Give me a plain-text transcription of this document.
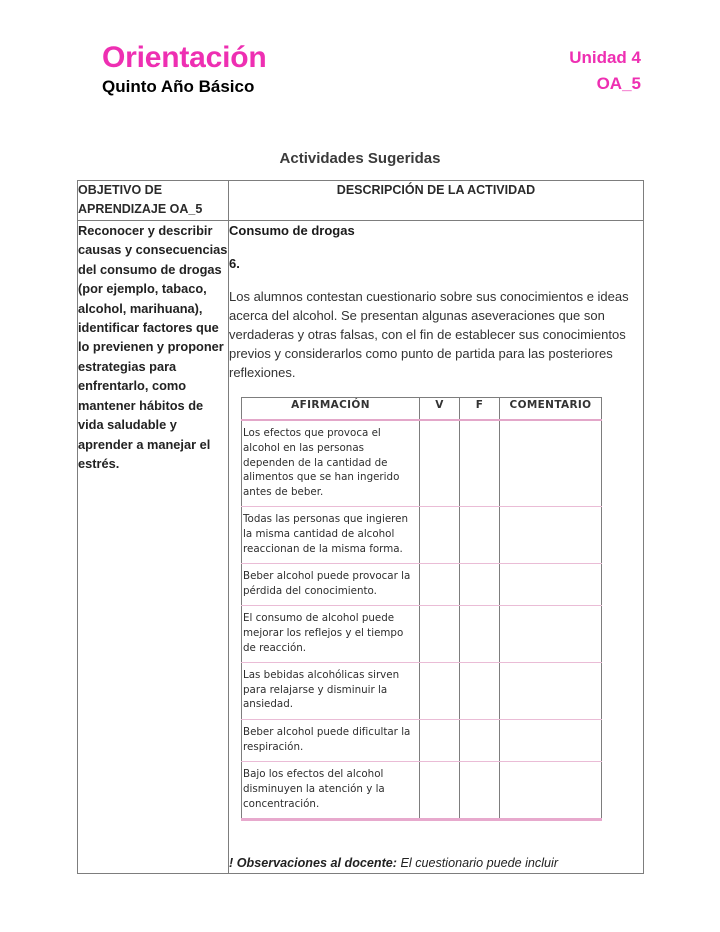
Orientación
Quinto Año Básico
Unidad 4
OA_5
Actividades Sugeridas
OBJETIVO DE APRENDIZAJE OA_5	DESCRIPCIÓN DE LA ACTIVIDAD
Reconocer y describir causas y consecuencias del consumo de drogas (por ejemplo, tabaco, alcohol, marihuana), identificar factores que lo previenen y proponer estrategias para enfrentarlo, como mantener hábitos de vida saludable y aprender a manejar el estrés.	
Consumo de drogas
6.
Los alumnos contestan cuestionario sobre sus conocimientos e ideas acerca del alcohol. Se presentan algunas aseveraciones que son verdaderas y otras falsas, con el fin de establecer sus conocimientos previos y considerarlos como punto de partida para las posteriores reflexiones.
AFIRMACIÓN	V	F	COMENTARIO
Los efectos que provoca el alcohol en las personas dependen de la cantidad de alimentos que se han ingerido antes de beber.			
Todas las personas que ingieren la misma cantidad de alcohol reaccionan de la misma forma.			
Beber alcohol puede provocar la pérdida del conocimiento.			
El consumo de alcohol puede mejorar los reflejos y el tiempo de reacción.			
Las bebidas alcohólicas sirven para relajarse y disminuir la ansiedad.			
Beber alcohol puede dificultar la respiración.			
Bajo los efectos del alcohol disminuyen la atención y la concentración.			
! Observaciones al docente: El cuestionario puede incluir
